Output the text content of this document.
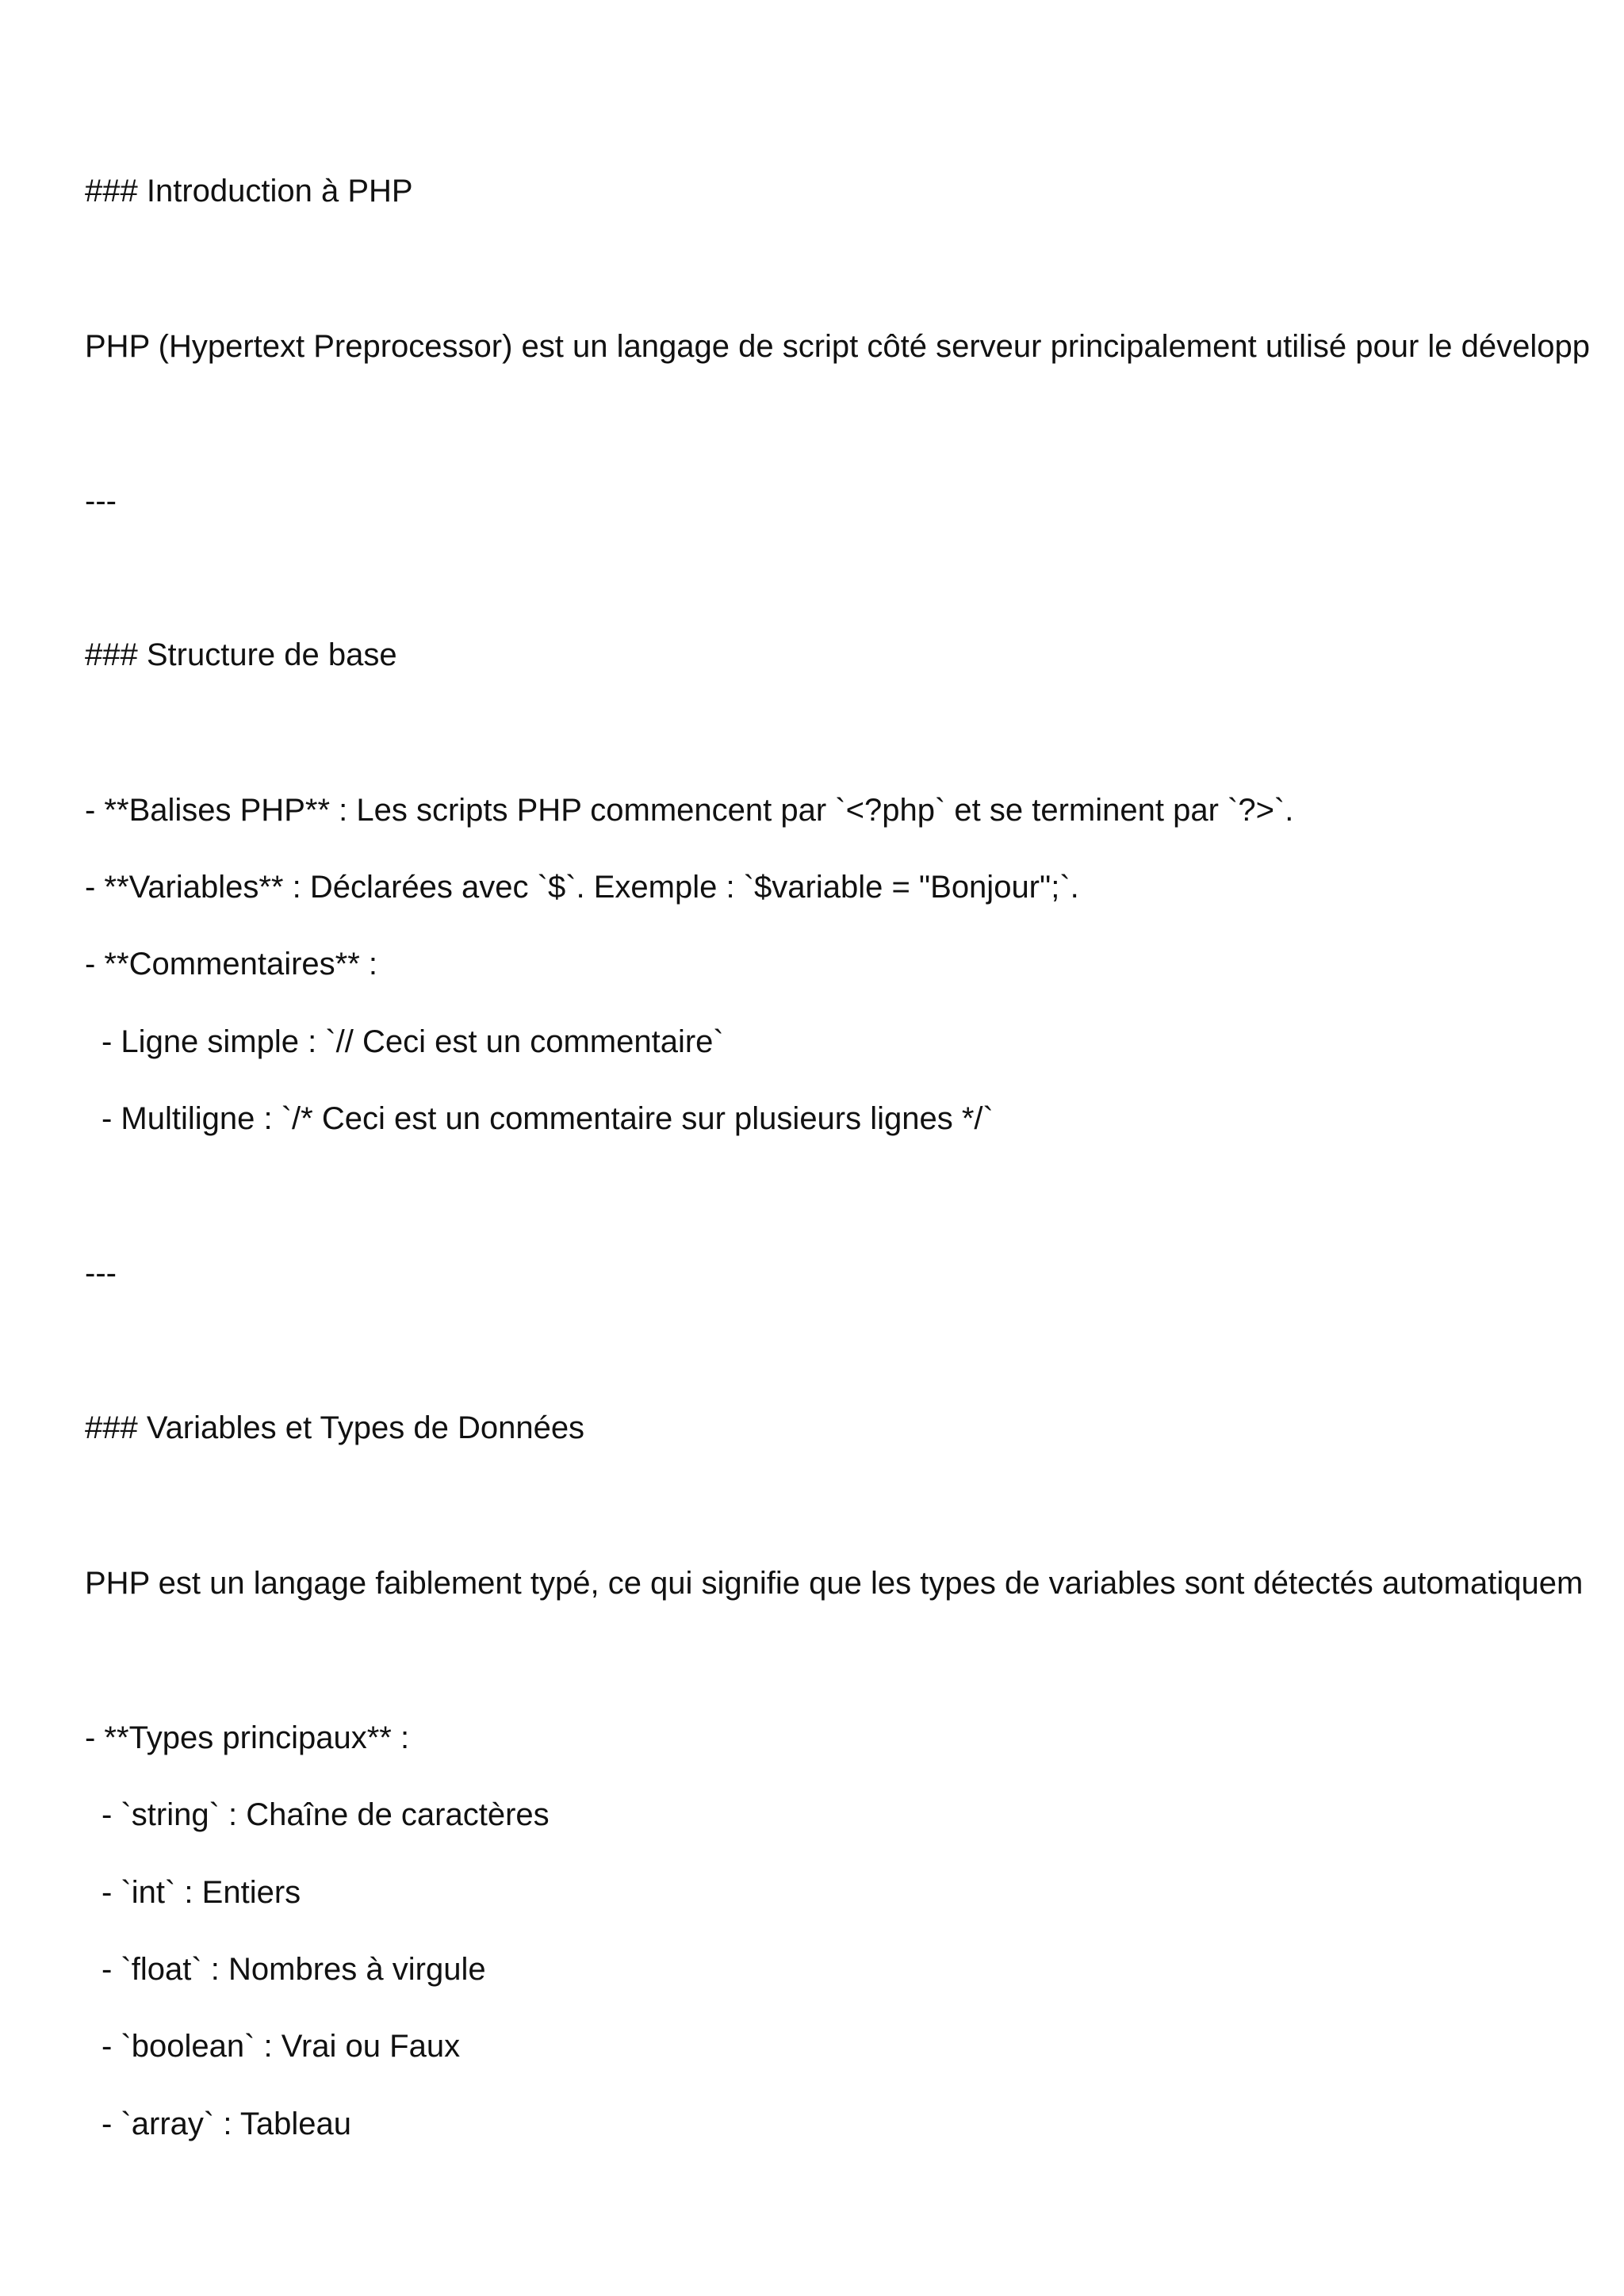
### Introduction à PHP

PHP (Hypertext Preprocessor) est un langage de script côté serveur principalement utilisé pour le développ

---
### Structure de base
- **Balises PHP** : Les scripts PHP commencent par `<?php` et se terminent par `?>`.
- **Variables** : Déclarées avec `$`. Exemple : `$variable = "Bonjour";`.
- **Commentaires** :
- Ligne simple : `// Ceci est un commentaire`
- Multiligne : `/* Ceci est un commentaire sur plusieurs lignes */`
---
### Variables et Types de Données

PHP est un langage faiblement typé, ce qui signifie que les types de variables sont détectés automatiquem

- **Types principaux** :
- `string` : Chaîne de caractères
- `int` : Entiers
- `float` : Nombres à virgule
- `boolean` : Vrai ou Faux
- `array` : Tableau
